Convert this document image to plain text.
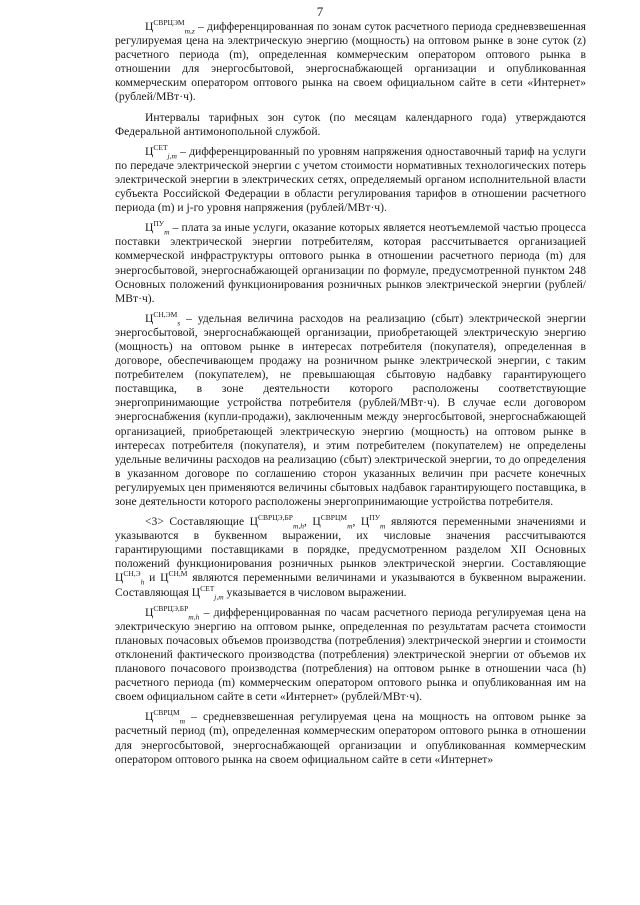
7

$Ц^{СВРЦЭМ}_{m,z}$ – дифференцированная по зонам суток расчетного периода средневзвешенная регулируемая цена на электрическую энергию (мощность) на оптовом рынке в зоне суток (z) расчетного периода (m), определенная коммерческим оператором оптового рынка в отношении для энергосбытовой, энергоснабжающей организации и опубликованная коммерческим оператором оптового рынка на своем официальном сайте в сети «Интернет» (рублей/МВт·ч).

Интервалы тарифных зон суток (по месяцам календарного года) утверждаются Федеральной антимонопольной службой.

$Ц^{СЕТ}_{j,m}$ – дифференцированный по уровням напряжения одноставочный тариф на услуги по передаче электрической энергии с учетом стоимости нормативных технологических потерь электрической энергии в электрических сетях, определяемый органом исполнительной власти субъекта Российской Федерации в области регулирования тарифов в отношении расчетного периода (m) и j-го уровня напряжения (рублей/МВт·ч).

$Ц^{ПУ}_m$ – плата за иные услуги, оказание которых является неотъемлемой частью процесса поставки электрической энергии потребителям, которая рассчитывается организацией коммерческой инфраструктуры оптового рынка в отношении расчетного периода (m) для энергосбытовой, энергоснабжающей организации по формуле, предусмотренной пунктом 248 Основных положений функционирования розничных рынков электрической энергии (рублей/МВт·ч).

$Ц^{СН,ЭМ}_s$ – удельная величина расходов на реализацию (сбыт) электрической энергии энергосбытовой, энергоснабжающей организации, приобретающей электрическую энергию (мощность) на оптовом рынке в интересах потребителя (покупателя), определенная в договоре, обеспечивающем продажу на розничном рынке электрической энергии, с таким потребителем (покупателем), не превышающая сбытовую надбавку гарантирующего поставщика, в зоне деятельности которого расположены соответствующие энергопринимающие устройства потребителя (рублей/МВт·ч). В случае если договором энергоснабжения (купли-продажи), заключенным между энергосбытовой, энергоснабжающей организацией, приобретающей электрическую энергию (мощность) на оптовом рынке в интересах потребителя (покупателя), и этим потребителем (покупателем) не определены удельные величины расходов на реализацию (сбыт) электрической энергии, то до определения в указанном договоре по соглашению сторон указанных величин при расчете конечных регулируемых цен применяются величины сбытовых надбавок гарантирующего поставщика, в зоне деятельности которого расположены энергопринимающие устройства потребителя.

<3> Составляющие $Ц^{СВРЦЭ,БР}_{m,h}$, $Ц^{СВРЦМ}_m$, $Ц^{ПУ}_m$ являются переменными значениями и указываются в буквенном выражении, их числовые значения рассчитываются гарантирующими поставщиками в порядке, предусмотренном разделом XII Основных положений функционирования розничных рынков электрической энергии. Составляющие $Ц^{СН,Э}_h$ и $Ц^{СН,М}$ являются переменными величинами и указываются в буквенном выражении. Составляющая $Ц^{СЕТ}_{j,m}$ указывается в числовом выражении.

$Ц^{СВРЦЭ,БР}_{m,h}$ – дифференцированная по часам расчетного периода регулируемая цена на электрическую энергию на оптовом рынке, определенная по результатам расчета стоимости плановых почасовых объемов производства (потребления) электрической энергии и стоимости отклонений фактического производства (потребления) электрической энергии от объемов их планового почасового производства (потребления) на оптовом рынке в отношении часа (h) расчетного периода (m) коммерческим оператором оптового рынка и опубликованная им на своем официальном сайте в сети «Интернет» (рублей/МВт·ч).

$Ц^{СВРЦМ}_m$ – средневзвешенная регулируемая цена на мощность на оптовом рынке за расчетный период (m), определенная коммерческим оператором оптового рынка в отношении для энергосбытовой, энергоснабжающей организации и опубликованная коммерческим оператором оптового рынка на своем официальном сайте в сети «Интернет»
